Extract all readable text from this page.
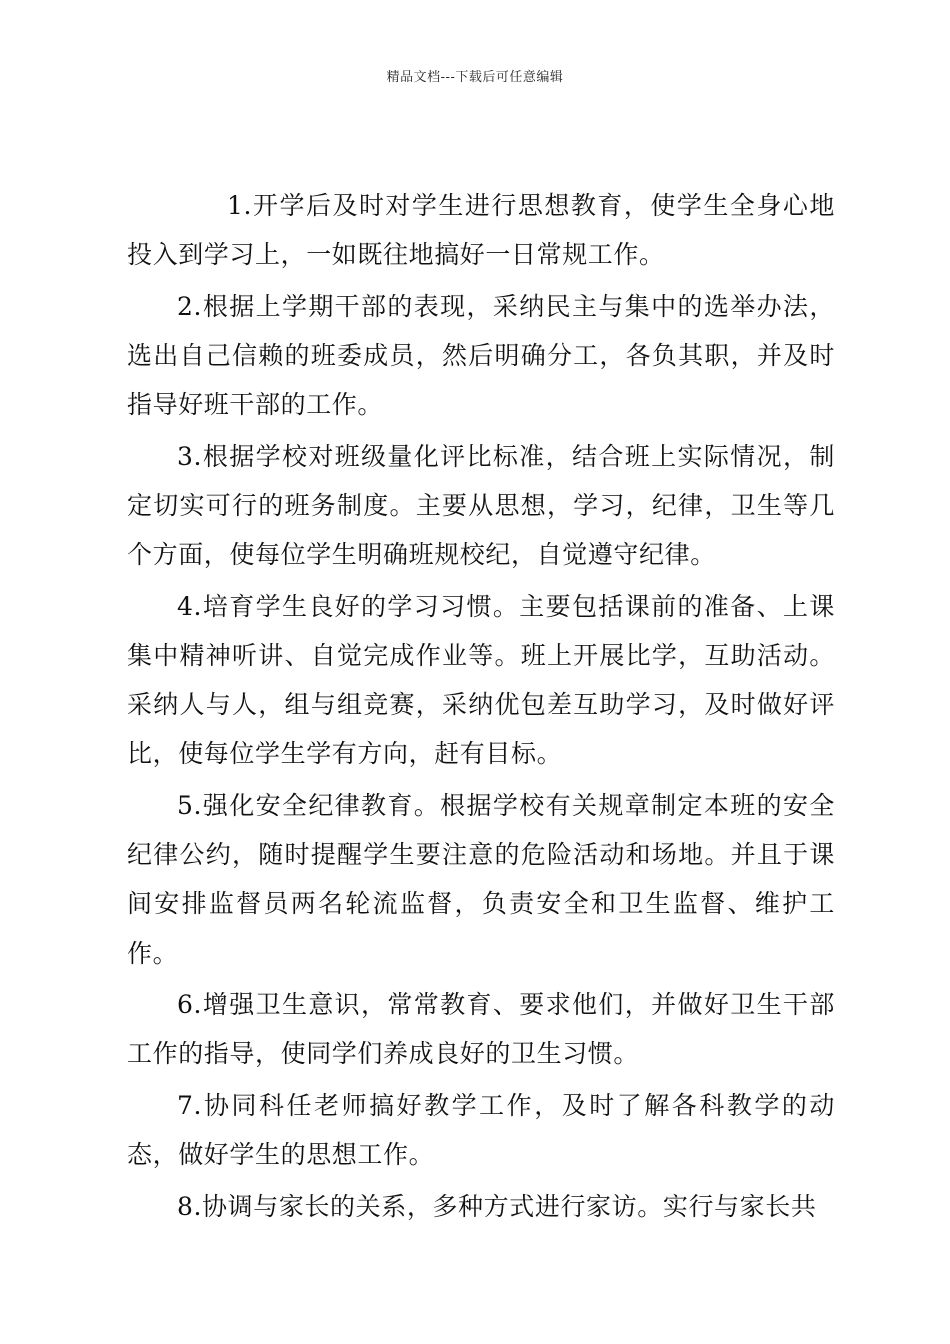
精品文档---下载后可任意编辑

1.开学后及时对学生进行思想教育，使学生全身心地投入到学习上，一如既往地搞好一日常规工作。

2.根据上学期干部的表现，采纳民主与集中的选举办法，选出自己信赖的班委成员，然后明确分工，各负其职，并及时指导好班干部的工作。

3.根据学校对班级量化评比标准，结合班上实际情况，制定切实可行的班务制度。主要从思想，学习，纪律，卫生等几个方面，使每位学生明确班规校纪，自觉遵守纪律。

4.培育学生良好的学习习惯。主要包括课前的准备、上课集中精神听讲、自觉完成作业等。班上开展比学，互助活动。采纳人与人，组与组竞赛，采纳优包差互助学习，及时做好评比，使每位学生学有方向，赶有目标。

5.强化安全纪律教育。根据学校有关规章制定本班的安全纪律公约，随时提醒学生要注意的危险活动和场地。并且于课间安排监督员两名轮流监督，负责安全和卫生监督、维护工作。

6.增强卫生意识，常常教育、要求他们，并做好卫生干部工作的指导，使同学们养成良好的卫生习惯。

7.协同科任老师搞好教学工作，及时了解各科教学的动态，做好学生的思想工作。

8.协调与家长的关系，多种方式进行家访。实行与家长共
